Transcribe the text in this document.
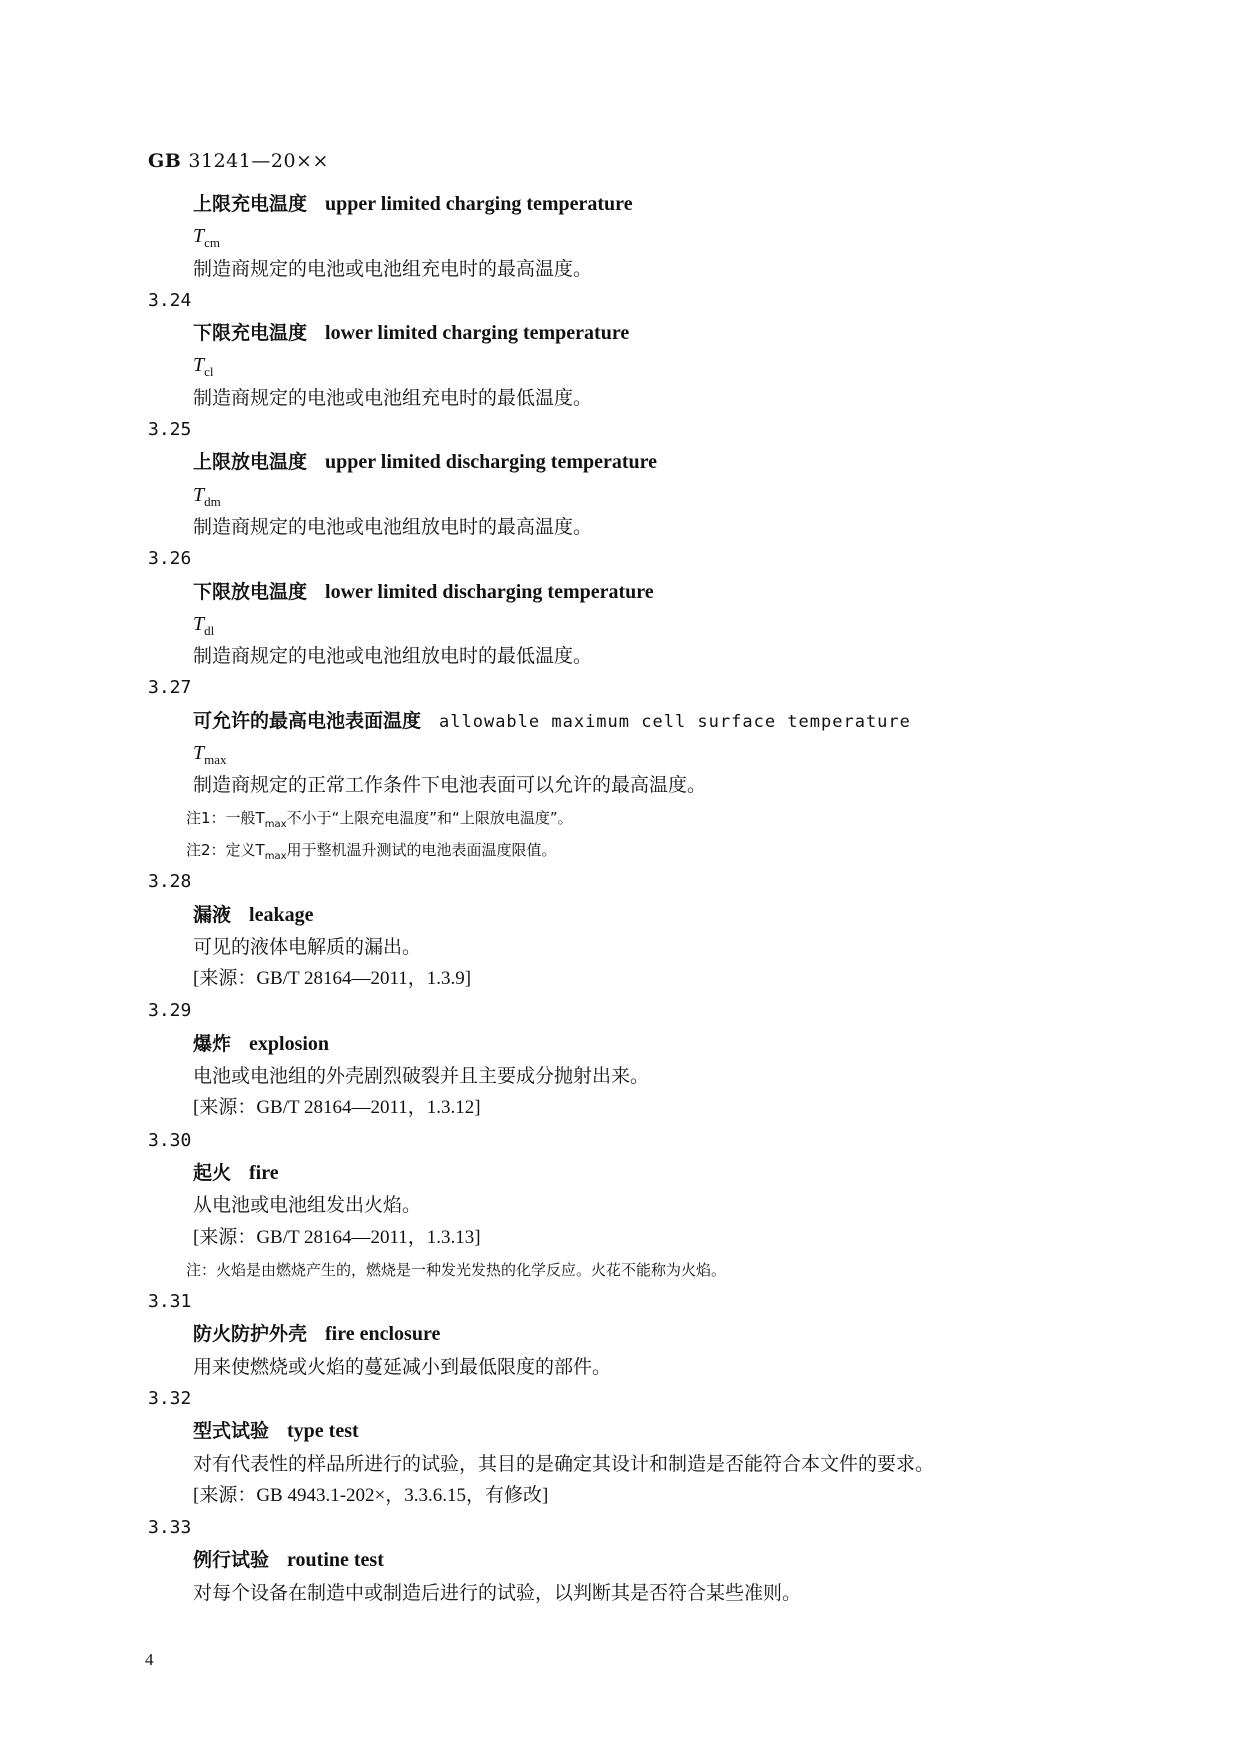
GB 31241—20××
上限充电温度 upper limited charging temperature
$T_{cm}$
制造商规定的电池或电池组充电时的最高温度。
3.24
下限充电温度 lower limited charging temperature
$T_{cl}$
制造商规定的电池或电池组充电时的最低温度。
3.25
上限放电温度 upper limited discharging temperature
$T_{dm}$
制造商规定的电池或电池组放电时的最高温度。
3.26
下限放电温度 lower limited discharging temperature
$T_{dl}$
制造商规定的电池或电池组放电时的最低温度。
3.27
可允许的最高电池表面温度 allowable maximum cell surface temperature
$T_{max}$
制造商规定的正常工作条件下电池表面可以允许的最高温度。
注1：一般$T_{max}$不小于“上限充电温度”和“上限放电温度”。
注2：定义$T_{max}$用于整机温升测试的电池表面温度限值。
3.28
漏液 leakage
可见的液体电解质的漏出。
[来源：GB/T 28164—2011，1.3.9]
3.29
爆炸 explosion
电池或电池组的外壳剧烈破裂并且主要成分抛射出来。
[来源：GB/T 28164—2011，1.3.12]
3.30
起火 fire
从电池或电池组发出火焰。
[来源：GB/T 28164—2011，1.3.13]
注：火焰是由燃烧产生的，燃烧是一种发光发热的化学反应。火花不能称为火焰。
3.31
防火防护外壳 fire enclosure
用来使燃烧或火焰的蔓延减小到最低限度的部件。
3.32
型式试验 type test
对有代表性的样品所进行的试验，其目的是确定其设计和制造是否能符合本文件的要求。
[来源：GB 4943.1-202×，3.3.6.15，有修改]
3.33
例行试验 routine test
对每个设备在制造中或制造后进行的试验，以判断其是否符合某些准则。
4
